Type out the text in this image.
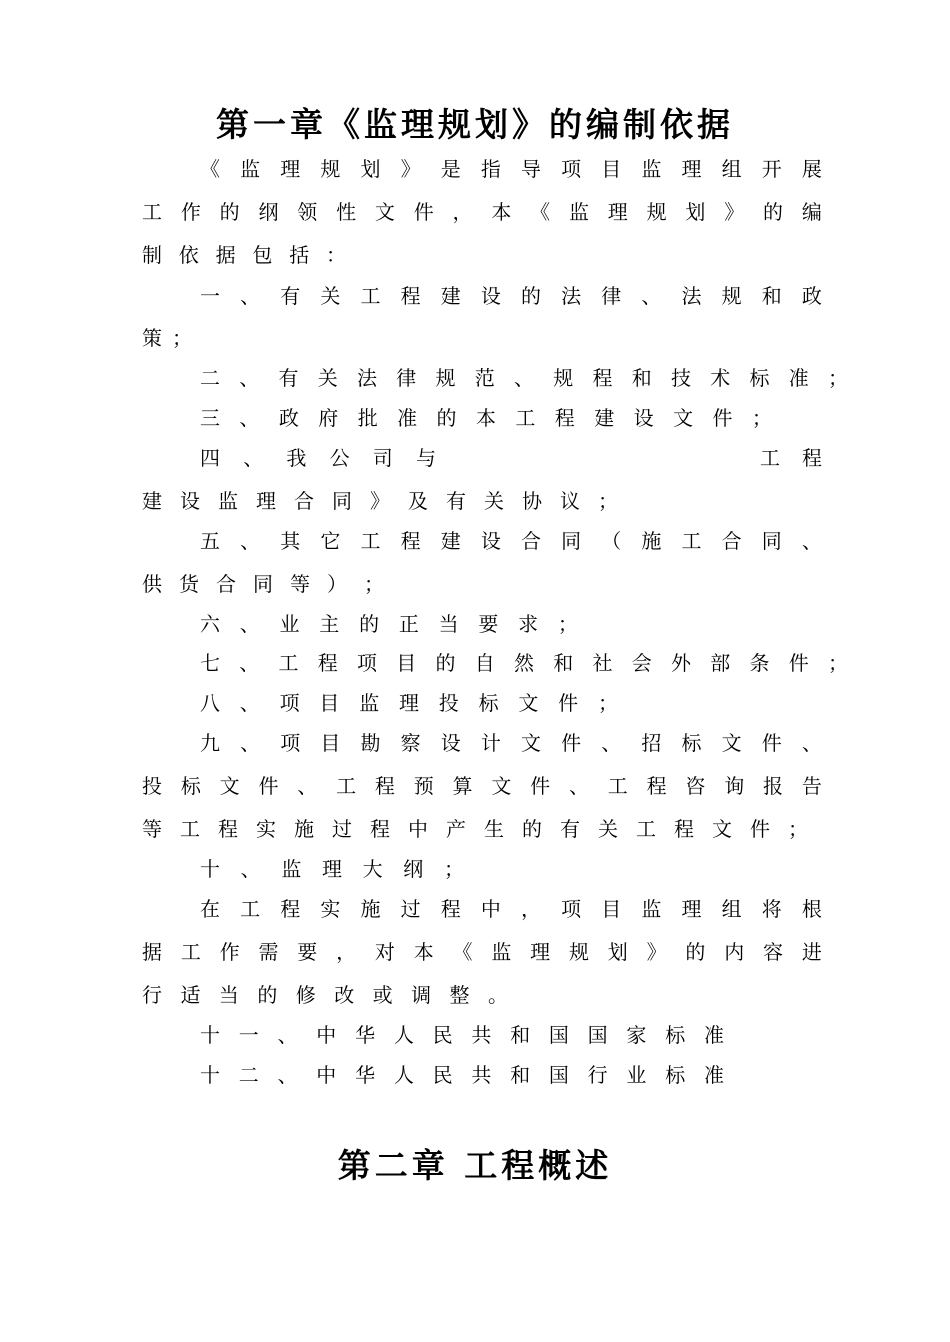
第一章《监理规划》的编制依据
《 监 理 规 划 》 是 指 导 项 目 监 理 组 开 展
工 作 的 纲 领 性 文 件 ， 本 《 监 理 规 划 》 的 编
制 依 据 包 括 ：
一 、 有 关 工 程 建 设 的 法 律 、 法 规 和 政
策 ；
二 、 有 关 法 律 规 范 、 规 程 和 技 术 标 准 ；
三 、 政 府 批 准 的 本 工 程 建 设 文 件 ；
四 、 我 公 司 与	工 程
建 设 监 理 合 同 》 及 有 关 协 议 ；
五 、 其 它 工 程 建 设 合 同 （ 施 工 合 同 、
供 货 合 同 等 ） ；
六 、 业 主 的 正 当 要 求 ；
七 、 工 程 项 目 的 自 然 和 社 会 外 部 条 件 ；
八 、 项 目 监 理 投 标 文 件 ；
九 、 项 目 勘 察 设 计 文 件 、 招 标 文 件 、
投 标 文 件 、 工 程 预 算 文 件 、 工 程 咨 询 报 告
等 工 程 实 施 过 程 中 产 生 的 有 关 工 程 文 件 ；
十 、 监 理 大 纲 ；
在 工 程 实 施 过 程 中 ， 项 目 监 理 组 将 根
据 工 作 需 要 ， 对 本 《 监 理 规 划 》 的 内 容 进
行 适 当 的 修 改 或 调 整 。
十 一 、 中 华 人 民 共 和 国 国 家 标 准
十 二 、 中 华 人 民 共 和 国 行 业 标 准
第二章 工程概述
